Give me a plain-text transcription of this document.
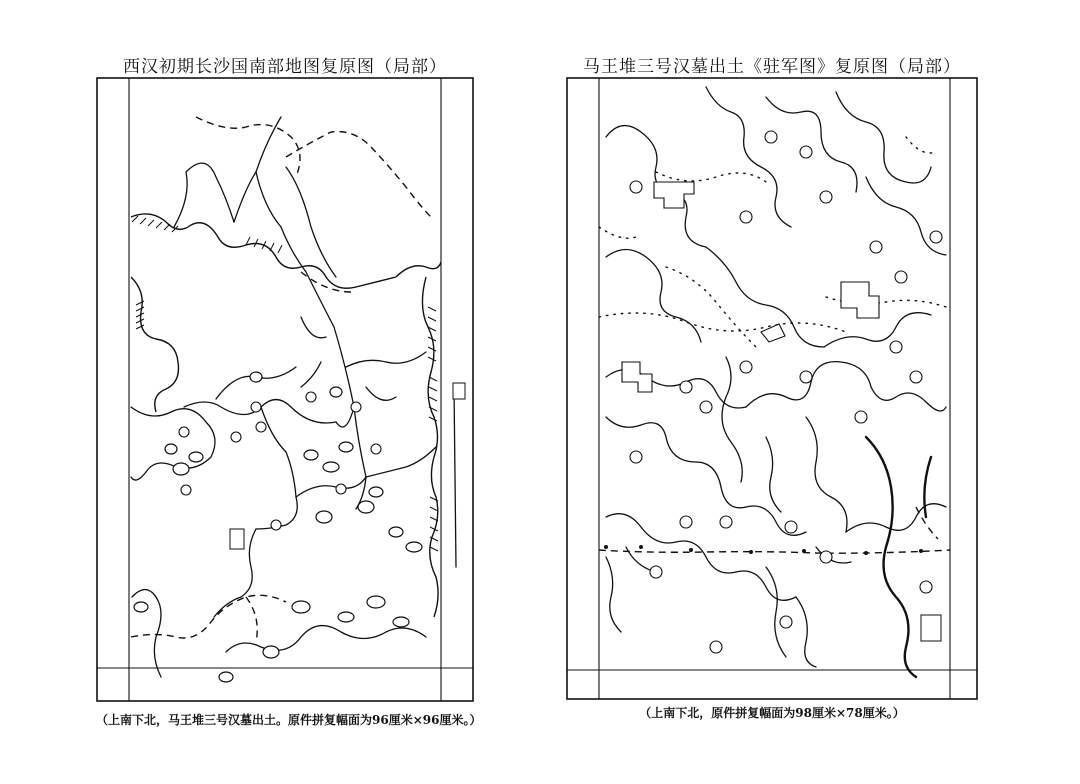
西汉初期长沙国南部地图复原图（局部）	马王堆三号汉墓出土《驻军图》复原图（局部）
（上南下北，马王堆三号汉墓出土。原件拼复幅面为96厘米×96厘米。）	（上南下北，原件拼复幅面为98厘米×78厘米。）
